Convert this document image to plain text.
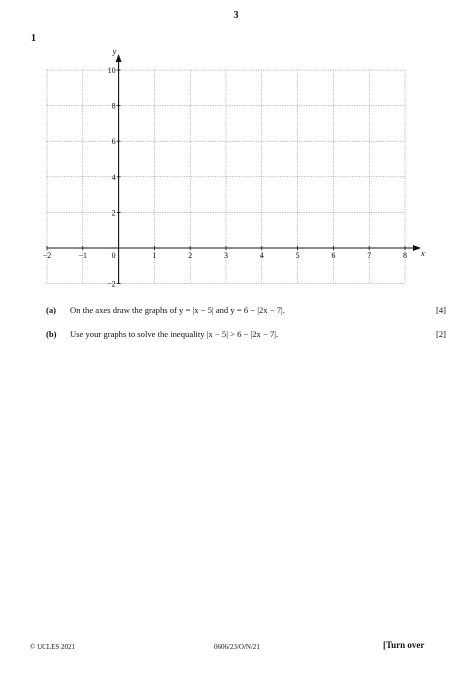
3
1
−2	−1	0	1	2	3	4	5	6	7	8
−2
2
4
6
8
10
x
y
(a) On the axes draw the graphs of y = |x − 5| and y = 6 − |2x − 7|.	[4]
(b) Use your graphs to solve the inequality |x − 5| > 6 − |2x − 7|.	[2]
© UCLES 2021	0606/23/O/N/21	[Turn over
